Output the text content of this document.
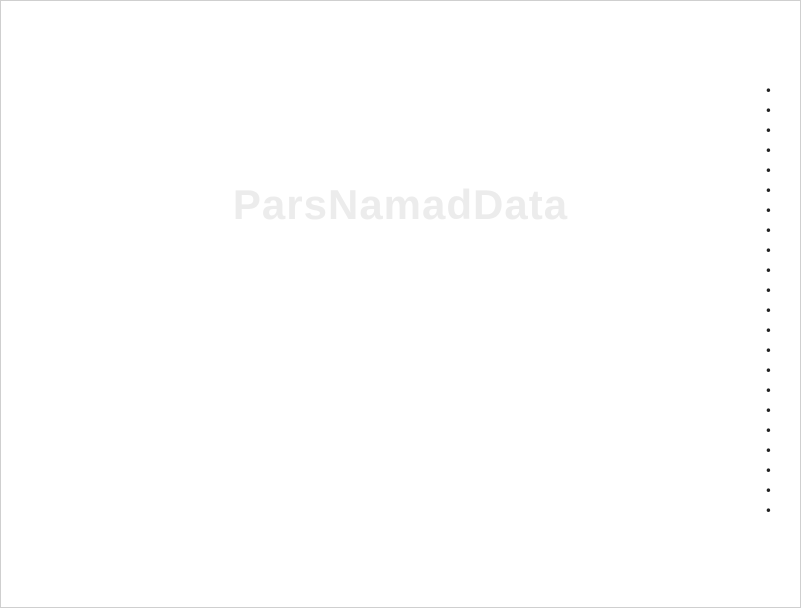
ParsNamadData
•
•
•
•
•
•
•
•
•
•
•
•
•
•
•
•
•
•
•
•
•
•
